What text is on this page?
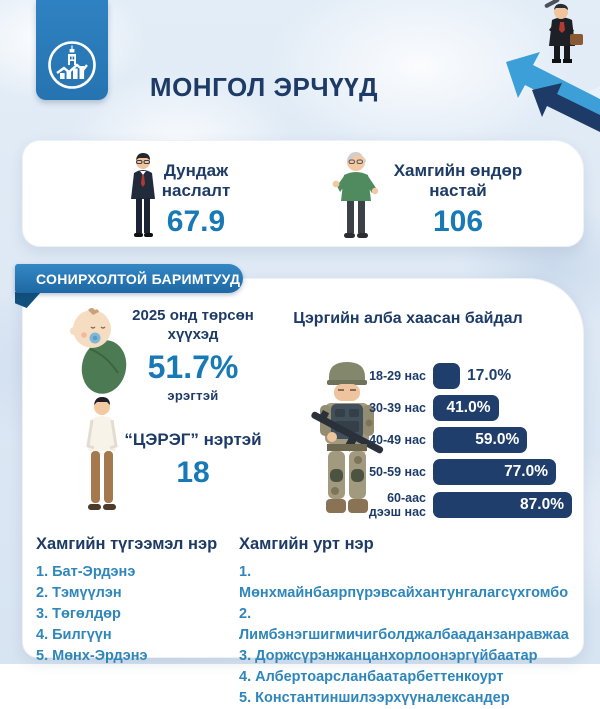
МОНГОЛ ЭРЧҮҮД
Дундаж наслалт
67.9
Хамгийн өндөр настай
106
СОНИРХОЛТОЙ БАРИМТУУД
2025 онд төрсөн хүүхэд
51.7%
эрэгтэй
“ЦЭРЭГ” нэртэй
18
Цэргийн алба хаасан байдал
18-29 нас	17.0%
30-39 нас	41.0%
40-49 нас	59.0%
50-59 нас	77.0%
60-аас дээш нас	87.0%
Хамгийн түгээмэл нэр
1. Бат-Эрдэнэ
2. Тэмүүлэн
3. Төгөлдөр
4. Билгүүн
5. Мөнх-Эрдэнэ
Хамгийн урт нэр
1. Мөнхмайнбаярпүрэвсайхантунгалагсүхгомбо
2. Лимбэнэгшигмичигболджалбааданзанравжаа
3. Доржсүрэнжанцанхорлоонэргүйбаатар
4. Албертоарсланбаатарбеттенкоурт
5. Константиншилээрхүүналександер
